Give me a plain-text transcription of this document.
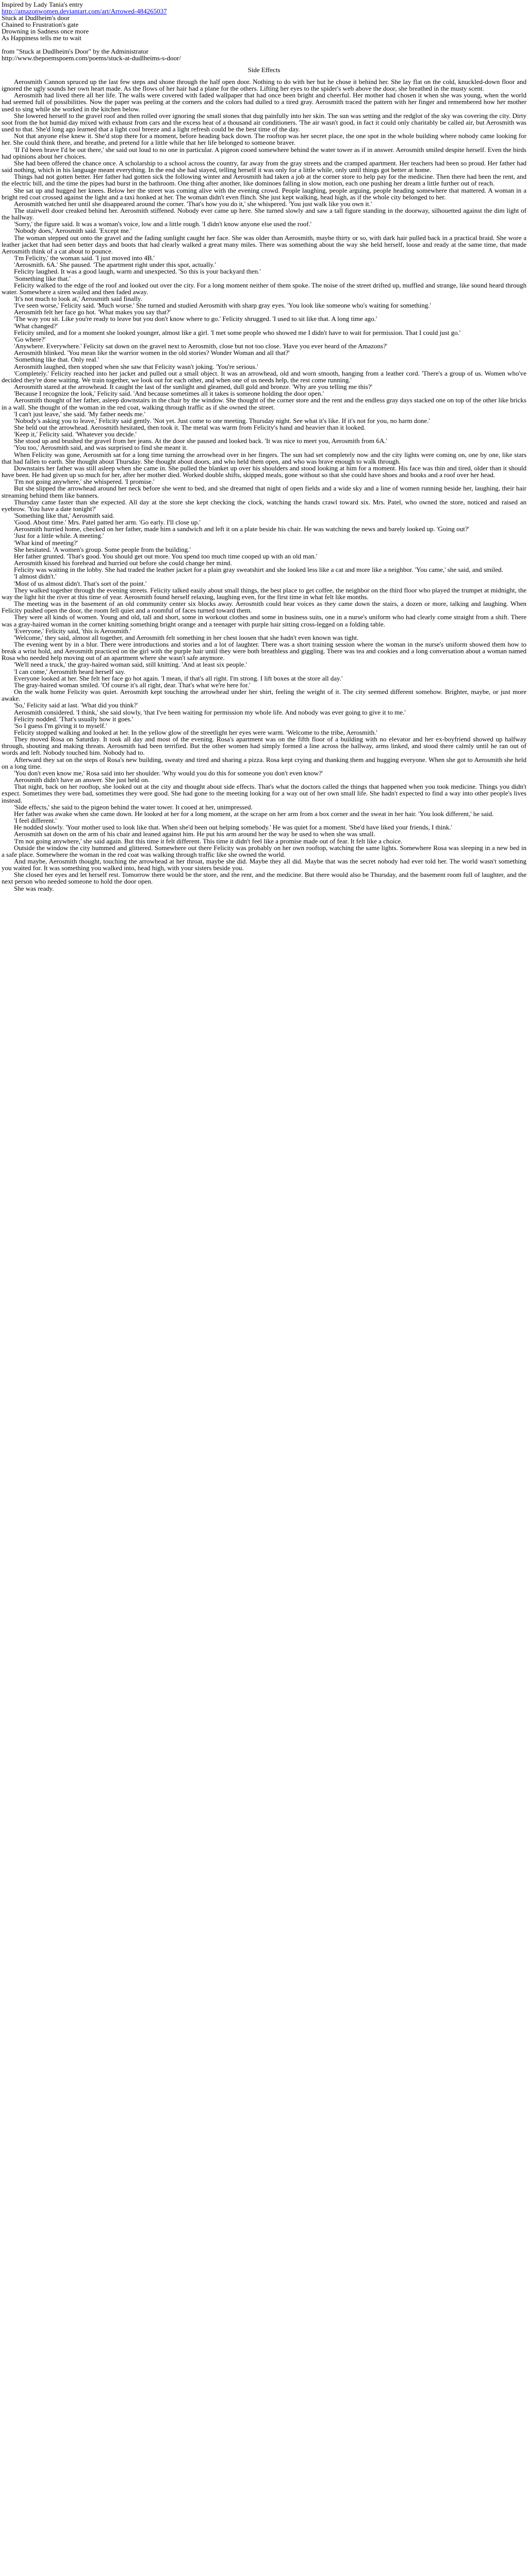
Inspired by Lady Tania's entry
http://amazonwomen.deviantart.com/art/Arrowed-484265037
Stuck at Dudlheim's door
Chained to Frustration's gate
Drowning in Sadness once more
As Happiness tells me to wait

from "Stuck at Dudlheim's Door" by the Administrator
http://www.thepoemspoem.com/poems/stuck-at-dudlheims-s-door/
Side Effects

Aerosmith Cannon spruced up the last few steps and shone through the half open door. Nothing to do with her but he chose it behind her. She lay flat on the cold, knuckled-down floor and ignored the ugly sounds her own heart made. As the flows of her hair had a plane for the others. Lifting her eyes to the spider's web above the door, she breathed in the musty scent.

Aerosmith had lived there all her life. The walls were covered with faded wallpaper that had once been bright and cheerful. Her mother had chosen it when she was young, when the world had seemed full of possibilities. Now the paper was peeling at the corners and the colors had dulled to a tired gray. Aerosmith traced the pattern with her finger and remembered how her mother used to sing while she worked in the kitchen below.

She lowered herself to the gravel roof and then rolled over ignoring the small stones that dug painfully into her skin. The sun was setting and the redglot of the sky was covering the city. Dirty soot from the hot humid day mixed with exhaust from cars and the excess heat of a thousand air conditioners. 'The air wasn't good, in fact it could only charitably be called air, but Aerosmith was used to that. She'd long ago learned that a light cool breeze and a light refresh could be the best time of the day.

Not that anyone else knew it. She'd stop there for a moment, before heading back down. The rooftop was her secret place, the one spot in the whole building where nobody came looking for her. She could think there, and breathe, and pretend for a little while that her life belonged to someone braver.

'If I'd been brave I'd be out there,' she said out loud to no one in particular. A pigeon cooed somewhere behind the water tower as if in answer. Aerosmith smiled despite herself. Even the birds had opinions about her choices.

She had been offered the chance once. A scholarship to a school across the country, far away from the gray streets and the cramped apartment. Her teachers had been so proud. Her father had said nothing, which in his language meant everything. In the end she had stayed, telling herself it was only for a little while, only until things got better at home.

Things had not gotten better. Her father had gotten sick the following winter and Aerosmith had taken a job at the corner store to help pay for the medicine. Then there had been the rent, and the electric bill, and the time the pipes had burst in the bathroom. One thing after another, like dominoes falling in slow motion, each one pushing her dream a little further out of reach.

She sat up and hugged her knees. Below her the street was coming alive with the evening crowd. People laughing, people arguing, people heading somewhere that mattered. A woman in a bright red coat crossed against the light and a taxi honked at her. The woman didn't even flinch. She just kept walking, head high, as if the whole city belonged to her.

Aerosmith watched her until she disappeared around the corner. 'That's how you do it,' she whispered. 'You just walk like you own it.'

The stairwell door creaked behind her. Aerosmith stiffened. Nobody ever came up here. She turned slowly and saw a tall figure standing in the doorway, silhouetted against the dim light of the hallway.

'Sorry,' the figure said. It was a woman's voice, low and a little rough. 'I didn't know anyone else used the roof.'

'Nobody does,' Aerosmith said. 'Except me.'

The woman stepped out onto the gravel and the fading sunlight caught her face. She was older than Aerosmith, maybe thirty or so, with dark hair pulled back in a practical braid. She wore a leather jacket that had seen better days and boots that had clearly walked a great many miles. There was something about the way she held herself, loose and ready at the same time, that made Aerosmith think of a cat about to pounce.

'I'm Felicity,' the woman said. 'I just moved into 4B.'

'Aerosmith. 6A.' She paused. 'The apartment right under this spot, actually.'

Felicity laughed. It was a good laugh, warm and unexpected. 'So this is your backyard then.'

'Something like that.'

Felicity walked to the edge of the roof and looked out over the city. For a long moment neither of them spoke. The noise of the street drifted up, muffled and strange, like sound heard through water. Somewhere a siren wailed and then faded away.

'It's not much to look at,' Aerosmith said finally.

'I've seen worse,' Felicity said. 'Much worse.' She turned and studied Aerosmith with sharp gray eyes. 'You look like someone who's waiting for something.'

Aerosmith felt her face go hot. 'What makes you say that?'

'The way you sit. Like you're ready to leave but you don't know where to go.' Felicity shrugged. 'I used to sit like that. A long time ago.'

'What changed?'

Felicity smiled, and for a moment she looked younger, almost like a girl. 'I met some people who showed me I didn't have to wait for permission. That I could just go.'

'Go where?'

'Anywhere. Everywhere.' Felicity sat down on the gravel next to Aerosmith, close but not too close. 'Have you ever heard of the Amazons?'

Aerosmith blinked. 'You mean like the warrior women in the old stories? Wonder Woman and all that?'

'Something like that. Only real.'

Aerosmith laughed, then stopped when she saw that Felicity wasn't joking. 'You're serious.'

'Completely.' Felicity reached into her jacket and pulled out a small object. It was an arrowhead, old and worn smooth, hanging from a leather cord. 'There's a group of us. Women who've decided they're done waiting. We train together, we look out for each other, and when one of us needs help, the rest come running.'

Aerosmith stared at the arrowhead. It caught the last of the sunlight and gleamed, dull gold and bronze. 'Why are you telling me this?'

'Because I recognize the look,' Felicity said. 'And because sometimes all it takes is someone holding the door open.'

Aerosmith thought of her father, asleep downstairs in the chair by the window. She thought of the corner store and the rent and the endless gray days stacked one on top of the other like bricks in a wall. She thought of the woman in the red coat, walking through traffic as if she owned the street.

'I can't just leave,' she said. 'My father needs me.'

'Nobody's asking you to leave,' Felicity said gently. 'Not yet. Just come to one meeting. Thursday night. See what it's like. If it's not for you, no harm done.'

She held out the arrowhead. Aerosmith hesitated, then took it. The metal was warm from Felicity's hand and heavier than it looked.

'Keep it,' Felicity said. 'Whatever you decide.'

She stood up and brushed the gravel from her jeans. At the door she paused and looked back. 'It was nice to meet you, Aerosmith from 6A.'

'You too,' Aerosmith said, and was surprised to find she meant it.

When Felicity was gone, Aerosmith sat for a long time turning the arrowhead over in her fingers. The sun had set completely now and the city lights were coming on, one by one, like stars that had fallen to earth. She thought about Thursday. She thought about doors, and who held them open, and who was brave enough to walk through.

Downstairs her father was still asleep when she came in. She pulled the blanket up over his shoulders and stood looking at him for a moment. His face was thin and tired, older than it should have been. He had given up so much for her, after her mother died. Worked double shifts, skipped meals, gone without so that she could have shoes and books and a roof over her head.

'I'm not going anywhere,' she whispered. 'I promise.'

But she slipped the arrowhead around her neck before she went to bed, and she dreamed that night of open fields and a wide sky and a line of women running beside her, laughing, their hair streaming behind them like banners.

Thursday came faster than she expected. All day at the store she kept checking the clock, watching the hands crawl toward six. Mrs. Patel, who owned the store, noticed and raised an eyebrow. 'You have a date tonight?'

'Something like that,' Aerosmith said.

'Good. About time.' Mrs. Patel patted her arm. 'Go early. I'll close up.'

Aerosmith hurried home, checked on her father, made him a sandwich and left it on a plate beside his chair. He was watching the news and barely looked up. 'Going out?'

'Just for a little while. A meeting.'

'What kind of meeting?'

She hesitated. 'A women's group. Some people from the building.'

Her father grunted. 'That's good. You should get out more. You spend too much time cooped up with an old man.'

Aerosmith kissed his forehead and hurried out before she could change her mind.

Felicity was waiting in the lobby. She had traded the leather jacket for a plain gray sweatshirt and she looked less like a cat and more like a neighbor. 'You came,' she said, and smiled.

'I almost didn't.'

'Most of us almost didn't. That's sort of the point.'

They walked together through the evening streets. Felicity talked easily about small things, the best place to get coffee, the neighbor on the third floor who played the trumpet at midnight, the way the light hit the river at this time of year. Aerosmith found herself relaxing, laughing even, for the first time in what felt like months.

The meeting was in the basement of an old community center six blocks away. Aerosmith could hear voices as they came down the stairs, a dozen or more, talking and laughing. When Felicity pushed open the door, the room fell quiet and a roomful of faces turned toward them.

They were all kinds of women. Young and old, tall and short, some in workout clothes and some in business suits, one in a nurse's uniform who had clearly come straight from a shift. There was a gray-haired woman in the corner knitting something bright orange and a teenager with purple hair sitting cross-legged on a folding table.

'Everyone,' Felicity said, 'this is Aerosmith.'

'Welcome,' they said, almost all together, and Aerosmith felt something in her chest loosen that she hadn't even known was tight.

The evening went by in a blur. There were introductions and stories and a lot of laughter. There was a short training session where the woman in the nurse's uniform showed them how to break a wrist hold, and Aerosmith practiced on the girl with the purple hair until they were both breathless and giggling. There was tea and cookies and a long conversation about a woman named Rosa who needed help moving out of an apartment where she wasn't safe anymore.

'We'll need a truck,' the gray-haired woman said, still knitting. 'And at least six people.'

'I can come,' Aerosmith heard herself say.

Everyone looked at her. She felt her face go hot again. 'I mean, if that's all right. I'm strong. I lift boxes at the store all day.'

The gray-haired woman smiled. 'Of course it's all right, dear. That's what we're here for.'

On the walk home Felicity was quiet. Aerosmith kept touching the arrowhead under her shirt, feeling the weight of it. The city seemed different somehow. Brighter, maybe, or just more awake.

'So,' Felicity said at last. 'What did you think?'

Aerosmith considered. 'I think,' she said slowly, 'that I've been waiting for permission my whole life. And nobody was ever going to give it to me.'

Felicity nodded. 'That's usually how it goes.'

'So I guess I'm giving it to myself.'

Felicity stopped walking and looked at her. In the yellow glow of the streetlight her eyes were warm. 'Welcome to the tribe, Aerosmith.'

They moved Rosa on Saturday. It took all day and most of the evening. Rosa's apartment was on the fifth floor of a building with no elevator and her ex-boyfriend showed up halfway through, shouting and making threats. Aerosmith had been terrified. But the other women had simply formed a line across the hallway, arms linked, and stood there calmly until he ran out of words and left. Nobody touched him. Nobody had to.

Afterward they sat on the steps of Rosa's new building, sweaty and tired and sharing a pizza. Rosa kept crying and thanking them and hugging everyone. When she got to Aerosmith she held on a long time.

'You don't even know me,' Rosa said into her shoulder. 'Why would you do this for someone you don't even know?'

Aerosmith didn't have an answer. She just held on.

That night, back on her rooftop, she looked out at the city and thought about side effects. That's what the doctors called the things that happened when you took medicine. Things you didn't expect. Sometimes they were bad, sometimes they were good. She had gone to the meeting looking for a way out of her own small life. She hadn't expected to find a way into other people's lives instead.

'Side effects,' she said to the pigeon behind the water tower. It cooed at her, unimpressed.

Her father was awake when she came down. He looked at her for a long moment, at the scrape on her arm from a box corner and the sweat in her hair. 'You look different,' he said.

'I feel different.'

He nodded slowly. 'Your mother used to look like that. When she'd been out helping somebody.' He was quiet for a moment. 'She'd have liked your friends, I think.'

Aerosmith sat down on the arm of his chair and leaned against him. He put his arm around her the way he used to when she was small.

'I'm not going anywhere,' she said again. But this time it felt different. This time it didn't feel like a promise made out of fear. It felt like a choice.

Outside the window the city hummed and glittered. Somewhere out there Felicity was probably on her own rooftop, watching the same lights. Somewhere Rosa was sleeping in a new bed in a safe place. Somewhere the woman in the red coat was walking through traffic like she owned the world.

And maybe, Aerosmith thought, touching the arrowhead at her throat, maybe she did. Maybe they all did. Maybe that was the secret nobody had ever told her. The world wasn't something you waited for. It was something you walked into, head high, with your sisters beside you.

She closed her eyes and let herself rest. Tomorrow there would be the store, and the rent, and the medicine. But there would also be Thursday, and the basement room full of laughter, and the next person who needed someone to hold the door open.

She was ready.
